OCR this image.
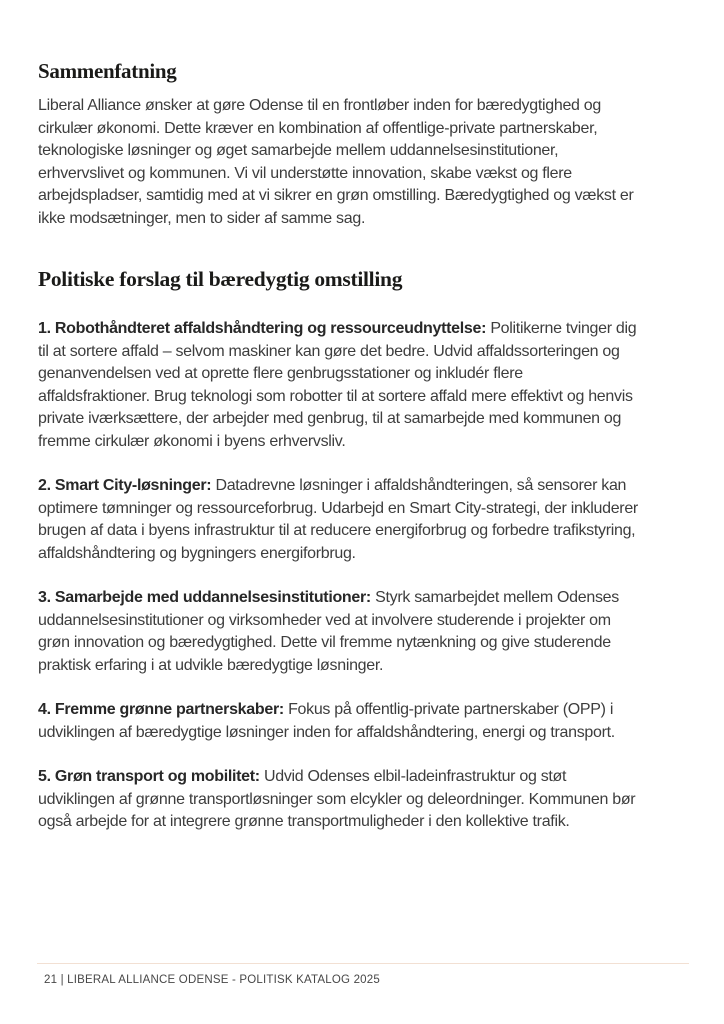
Sammenfatning

Liberal Alliance ønsker at gøre Odense til en frontløber inden for bæredygtighed og cirkulær økonomi. Dette kræver en kombination af offentlige-private partnerskaber, teknologiske løsninger og øget samarbejde mellem uddannelsesinstitutioner, erhvervslivet og kommunen. Vi vil understøtte innovation, skabe vækst og flere arbejdspladser, samtidig med at vi sikrer en grøn omstilling. Bæredygtighed og vækst er ikke modsætninger, men to sider af samme sag.

Politiske forslag til bæredygtig omstilling

1. Robothåndteret affaldshåndtering og ressourceudnyttelse: Politikerne tvinger dig til at sortere affald – selvom maskiner kan gøre det bedre. Udvid affaldssorteringen og genanvendelsen ved at oprette flere genbrugsstationer og inkludér flere affaldsfraktioner. Brug teknologi som robotter til at sortere affald mere effektivt og henvis private iværksættere, der arbejder med genbrug, til at samarbejde med kommunen og fremme cirkulær økonomi i byens erhvervsliv.

2. Smart City-løsninger: Datadrevne løsninger i affaldshåndteringen, så sensorer kan optimere tømninger og ressourceforbrug. Udarbejd en Smart City-strategi, der inkluderer brugen af data i byens infrastruktur til at reducere energiforbrug og forbedre trafikstyring, affaldshåndtering og bygningers energiforbrug.

3. Samarbejde med uddannelsesinstitutioner: Styrk samarbejdet mellem Odenses uddannelsesinstitutioner og virksomheder ved at involvere studerende i projekter om grøn innovation og bæredygtighed. Dette vil fremme nytænkning og give studerende praktisk erfaring i at udvikle bæredygtige løsninger.

4. Fremme grønne partnerskaber: Fokus på offentlig-private partnerskaber (OPP) i udviklingen af bæredygtige løsninger inden for affaldshåndtering, energi og transport.

5. Grøn transport og mobilitet: Udvid Odenses elbil-ladeinfrastruktur og støt udviklingen af grønne transportløsninger som elcykler og deleordninger. Kommunen bør også arbejde for at integrere grønne transportmuligheder i den kollektive trafik.

21 | LIBERAL ALLIANCE ODENSE - POLITISK KATALOG 2025
